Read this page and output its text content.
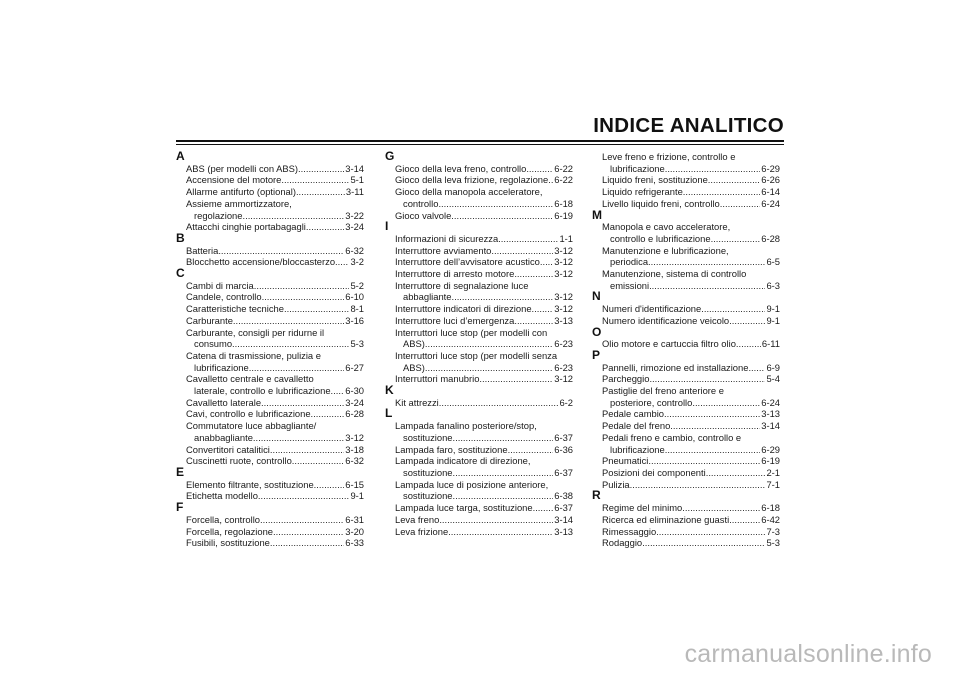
INDICE ANALITICO
A
ABS (per modelli con ABS) .....	3-14
Accensione del motore .....	5-1
Allarme antifurto (optional) .....	3-11
Assieme ammortizzatore,
regolazione .....	3-22
Attacchi cinghie portabagagli .....	3-24
B
Batteria .....	6-32
Blocchetto accensione/bloccasterzo ..... 3-2
C
Cambi di marcia .....	5-2
Candele, controllo .....	6-10
Caratteristiche tecniche .....	8-1
Carburante .....	3-16
Carburante, consigli per ridurne il
consumo .....	5-3
Catena di trasmissione, pulizia e
lubrificazione .....	6-27
Cavalletto centrale e cavalletto
laterale, controllo e lubrificazione ..... 6-30
Cavalletto laterale .....	3-24
Cavi, controllo e lubrificazione .....	6-28
Commutatore luce abbagliante/
anabbagliante .....	3-12
Convertitori catalitici .....	3-18
Cuscinetti ruote, controllo .....	6-32
E
Elemento filtrante, sostituzione .....	6-15
Etichetta modello .....	9-1
F
Forcella, controllo .....	6-31
Forcella, regolazione .....	3-20
Fusibili, sostituzione .....	6-33
G
Gioco della leva freno, controllo .....	6-22
Gioco della leva frizione, regolazione ..... 6-22
Gioco della manopola acceleratore,
controllo .....	6-18
Gioco valvole .....	6-19
I
Informazioni di sicurezza .....	1-1
Interruttore avviamento .....	3-12
Interruttore dell’avvisatore acustico ..... 3-12
Interruttore di arresto motore .....	3-12
Interruttore di segnalazione luce
abbagliante .....	3-12
Interruttore indicatori di direzione ..... 3-12
Interruttore luci d’emergenza .....	3-13
Interruttori luce stop (per modelli con
ABS) .....	6-23
Interruttori luce stop (per modelli senza
ABS) .....	6-23
Interruttori manubrio .....	3-12
K
Kit attrezzi .....	6-2
L
Lampada fanalino posteriore/stop,
sostituzione .....	6-37
Lampada faro, sostituzione .....	6-36
Lampada indicatore di direzione,
sostituzione .....	6-37
Lampada luce di posizione anteriore,
sostituzione .....	6-38
Lampada luce targa, sostituzione ..... 6-37
Leva freno .....	3-14
Leva frizione .....	3-13
Leve freno e frizione, controllo e
lubrificazione .....	6-29
Liquido freni, sostituzione .....	6-26
Liquido refrigerante .....	6-14
Livello liquido freni, controllo .....	6-24
M
Manopola e cavo acceleratore,
controllo e lubrificazione .....	6-28
Manutenzione e lubrificazione,
periodica .....	6-5
Manutenzione, sistema di controllo
emissioni .....	6-3
N
Numeri d'identificazione .....	9-1
Numero identificazione veicolo .....	9-1
O
Olio motore e cartuccia filtro olio .....	6-11
P
Pannelli, rimozione ed installazione ..... 6-9
Parcheggio .....	5-4
Pastiglie del freno anteriore e
posteriore, controllo .....	6-24
Pedale cambio .....	3-13
Pedale del freno .....	3-14
Pedali freno e cambio, controllo e
lubrificazione .....	6-29
Pneumatici .....	6-19
Posizioni dei componenti .....	2-1
Pulizia .....	7-1
R
Regime del minimo .....	6-18
Ricerca ed eliminazione guasti .....	6-42
Rimessaggio .....	7-3
Rodaggio .....	5-3
carmanualsonline.info
